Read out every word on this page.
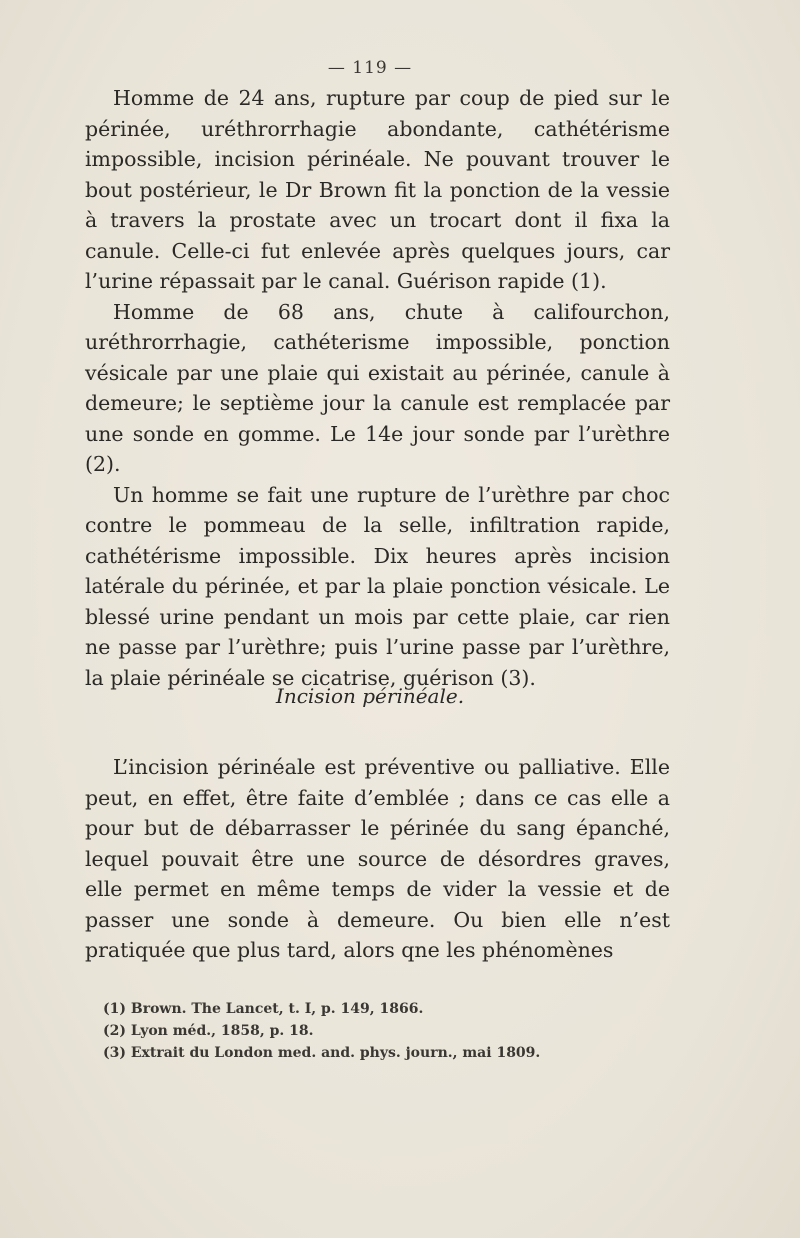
— 119 —

Homme de 24 ans, rupture par coup de pied sur le périnée, uréthrorrhagie abondante, cathétérisme impossible, incision périnéale. Ne pouvant trouver le bout postérieur, le Dr Brown fit la ponction de la vessie à travers la prostate avec un trocart dont il fixa la canule. Celle-ci fut enlevée après quelques jours, car l’urine répassait par le canal. Guérison rapide (1).

Homme de 68 ans, chute à califourchon, uréthrorrhagie, cathéterisme impossible, ponction vésicale par une plaie qui existait au périnée, canule à demeure; le septième jour la canule est remplacée par une sonde en gomme. Le 14e jour sonde par l’urèthre (2).

Un homme se fait une rupture de l’urèthre par choc contre le pommeau de la selle, infiltration rapide, cathétérisme impossible. Dix heures après incision latérale du périnée, et par la plaie ponction vésicale. Le blessé urine pendant un mois par cette plaie, car rien ne passe par l’urèthre; puis l’urine passe par l’urèthre, la plaie périnéale se cicatrise, guérison (3).

Incision périnéale.

L’incision périnéale est préventive ou palliative. Elle peut, en effet, être faite d’emblée ; dans ce cas elle a pour but de débarrasser le périnée du sang épanché, lequel pouvait être une source de désordres graves, elle permet en même temps de vider la vessie et de passer une sonde à demeure. Ou bien elle n’est pratiquée que plus tard, alors qne les phénomènes

(1) Brown. The Lancet, t. I, p. 149, 1866.
(2) Lyon méd., 1858, p. 18.
(3) Extrait du London med. and. phys. journ., mai 1809.
